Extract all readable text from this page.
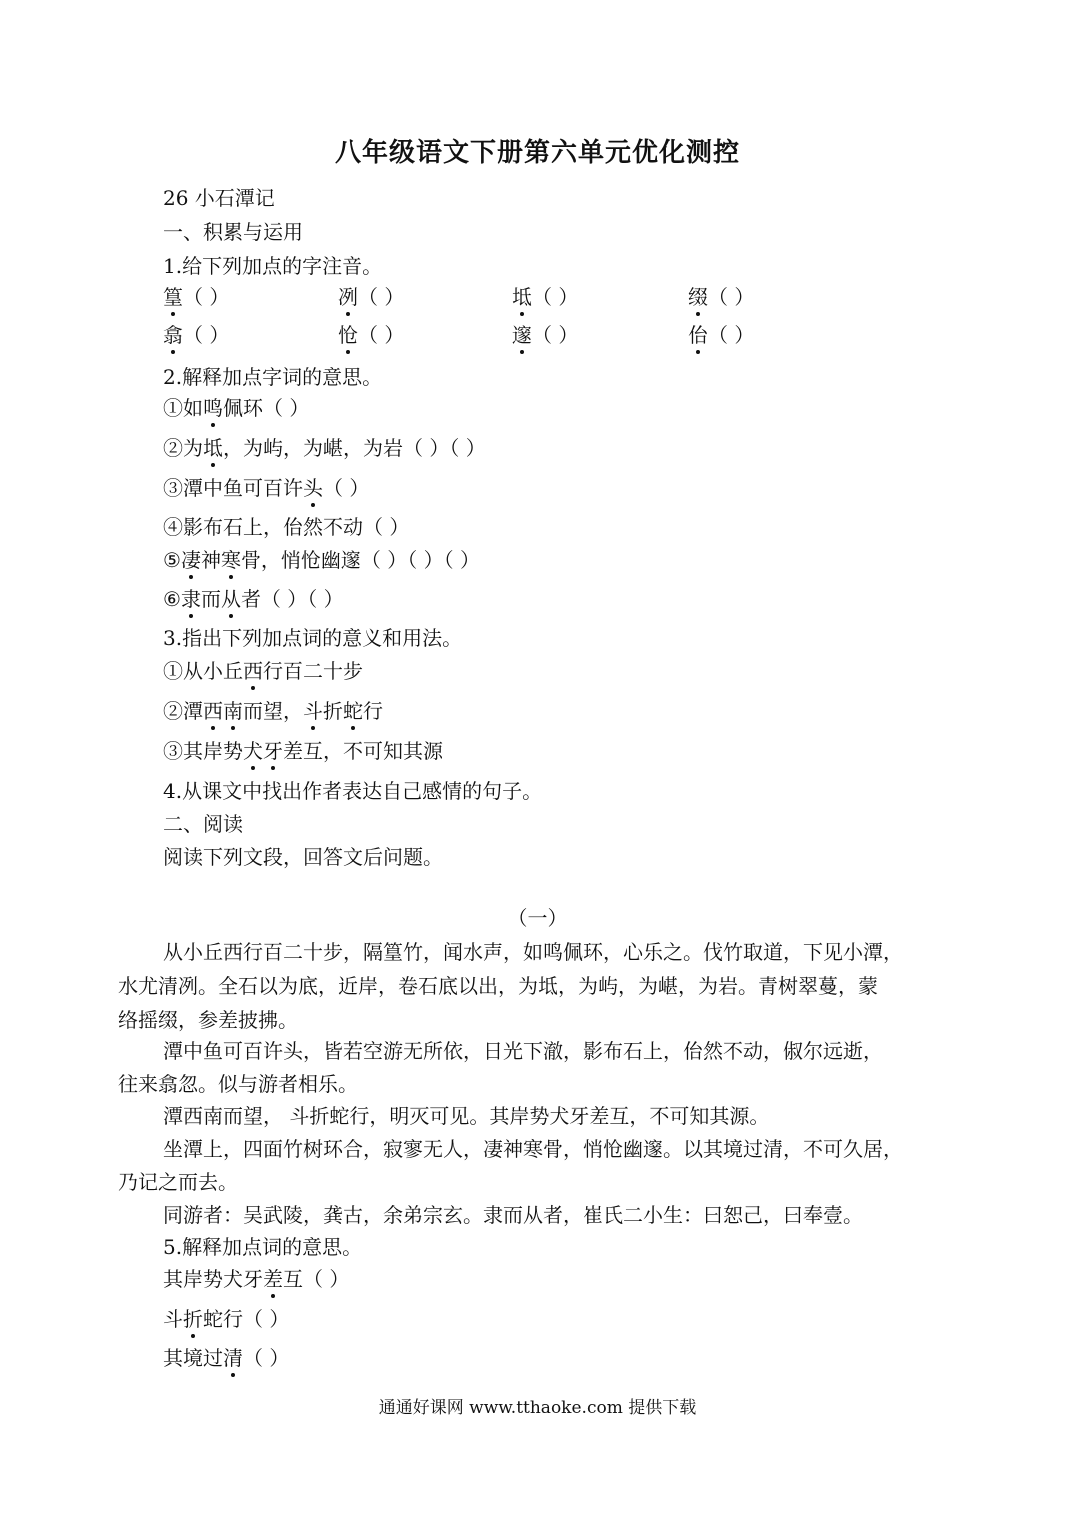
八年级语文下册第六单元优化测控
26 小石潭记
一、积累与运用
1.给下列加点的字注音。
篁（ ）	冽（ ）	坻（ ）	缀（ ）
翕（ ）	怆（ ）	邃（ ）	佁（ ）
2.解释加点字词的意思。
①如鸣佩环（ ）
②为坻，为屿，为嵁，为岩（ ）（ ）
③潭中鱼可百许头（ ）
④影布石上，佁然不动（ ）
⑤凄神寒骨，悄怆幽邃（ ）（ ）（ ）
⑥隶而从者（ ）（ ）
3.指出下列加点词的意义和用法。
①从小丘西行百二十步
②潭西南而望，斗折蛇行
③其岸势犬牙差互，不可知其源
4.从课文中找出作者表达自己感情的句子。
二、阅读
阅读下列文段，回答文后问题。
（一）
从小丘西行百二十步，隔篁竹，闻水声，如鸣佩环，心乐之。伐竹取道，下见小潭，
水尤清冽。全石以为底，近岸，卷石底以出，为坻，为屿，为嵁，为岩。青树翠蔓，蒙
络摇缀，参差披拂。
潭中鱼可百许头，皆若空游无所依，日光下澈，影布石上，佁然不动，俶尔远逝，
往来翕忽。似与游者相乐。
潭西南而望， 斗折蛇行，明灭可见。其岸势犬牙差互，不可知其源。
坐潭上，四面竹树环合，寂寥无人，凄神寒骨，悄怆幽邃。以其境过清，不可久居，
乃记之而去。
同游者：吴武陵，龚古，余弟宗玄。隶而从者，崔氏二小生：曰恕己，曰奉壹。
5.解释加点词的意思。
其岸势犬牙差互（ ）
斗折蛇行（ ）
其境过清（ ）
通通好课网 www.tthaoke.com 提供下载
